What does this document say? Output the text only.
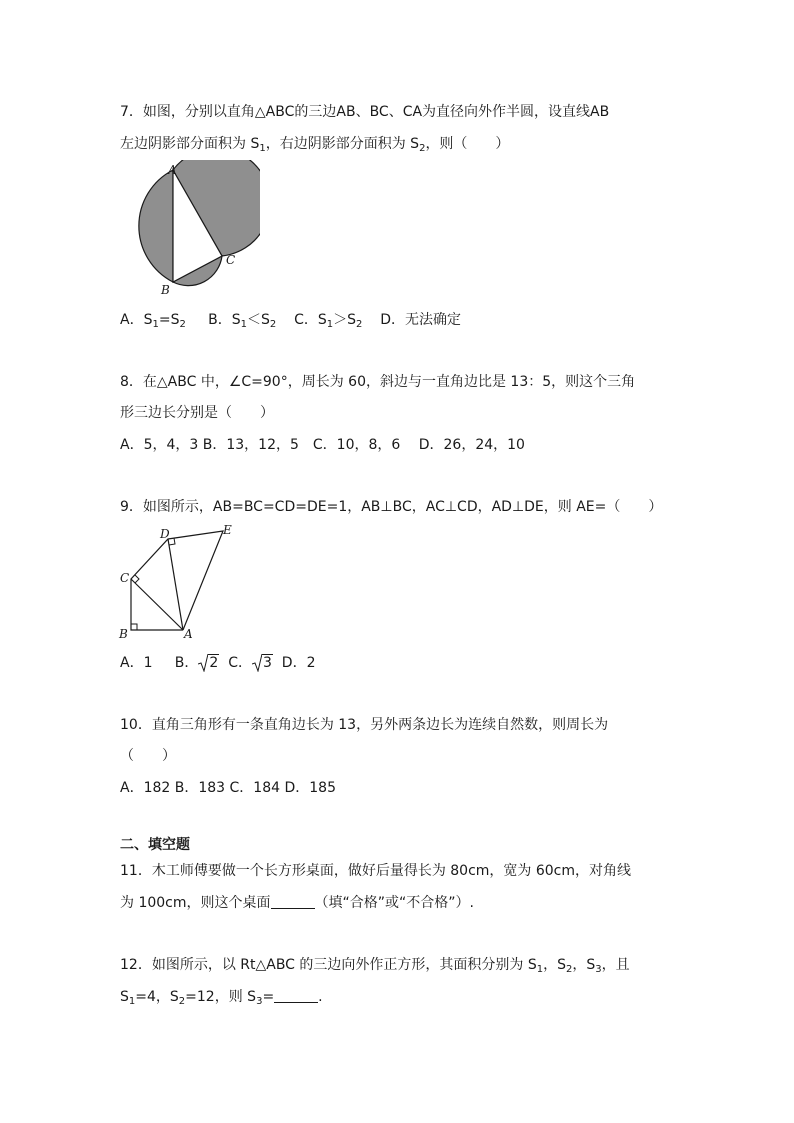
7．如图，分别以直角△ABC的三边AB、BC、CA为直径向外作半圆，设直线AB
左边阴影部分面积为 $S_1$，右边阴影部分面积为 $S_2$，则（　　）
A
C
B
A．$S_1=S_2$ B．$S_1<S_2$ C．$S_1>S_2$ D．无法确定
8．在△ABC 中，∠C=90°，周长为 60，斜边与一直角边比是 13：5，则这个三角
形三边长分别是（　　）
A．5，4，3 B．13，12，5　C．10，8，6　 D．26，24，10
9．如图所示，AB=BC=CD=DE=1，AB⊥BC，AC⊥CD，AD⊥DE，则 AE=（　　）
D	E
C
B	A
A．1 B． 2 C． 3 D．2
10．直角三角形有一条直角边长为 13，另外两条边长为连续自然数，则周长为
（　　）
A．182 B．183 C．184 D．185
二、填空题
11．木工师傅要做一个长方形桌面，做好后量得长为 80cm，宽为 60cm，对角线
为 100cm，则这个桌面	（填“合格”或“不合格”）.
12．如图所示，以 Rt△ABC 的三边向外作正方形，其面积分别为 $S_1$，$S_2$，$S_3$，且
$S_1=4$，$S_2=12$，则 $S_3=$	.
